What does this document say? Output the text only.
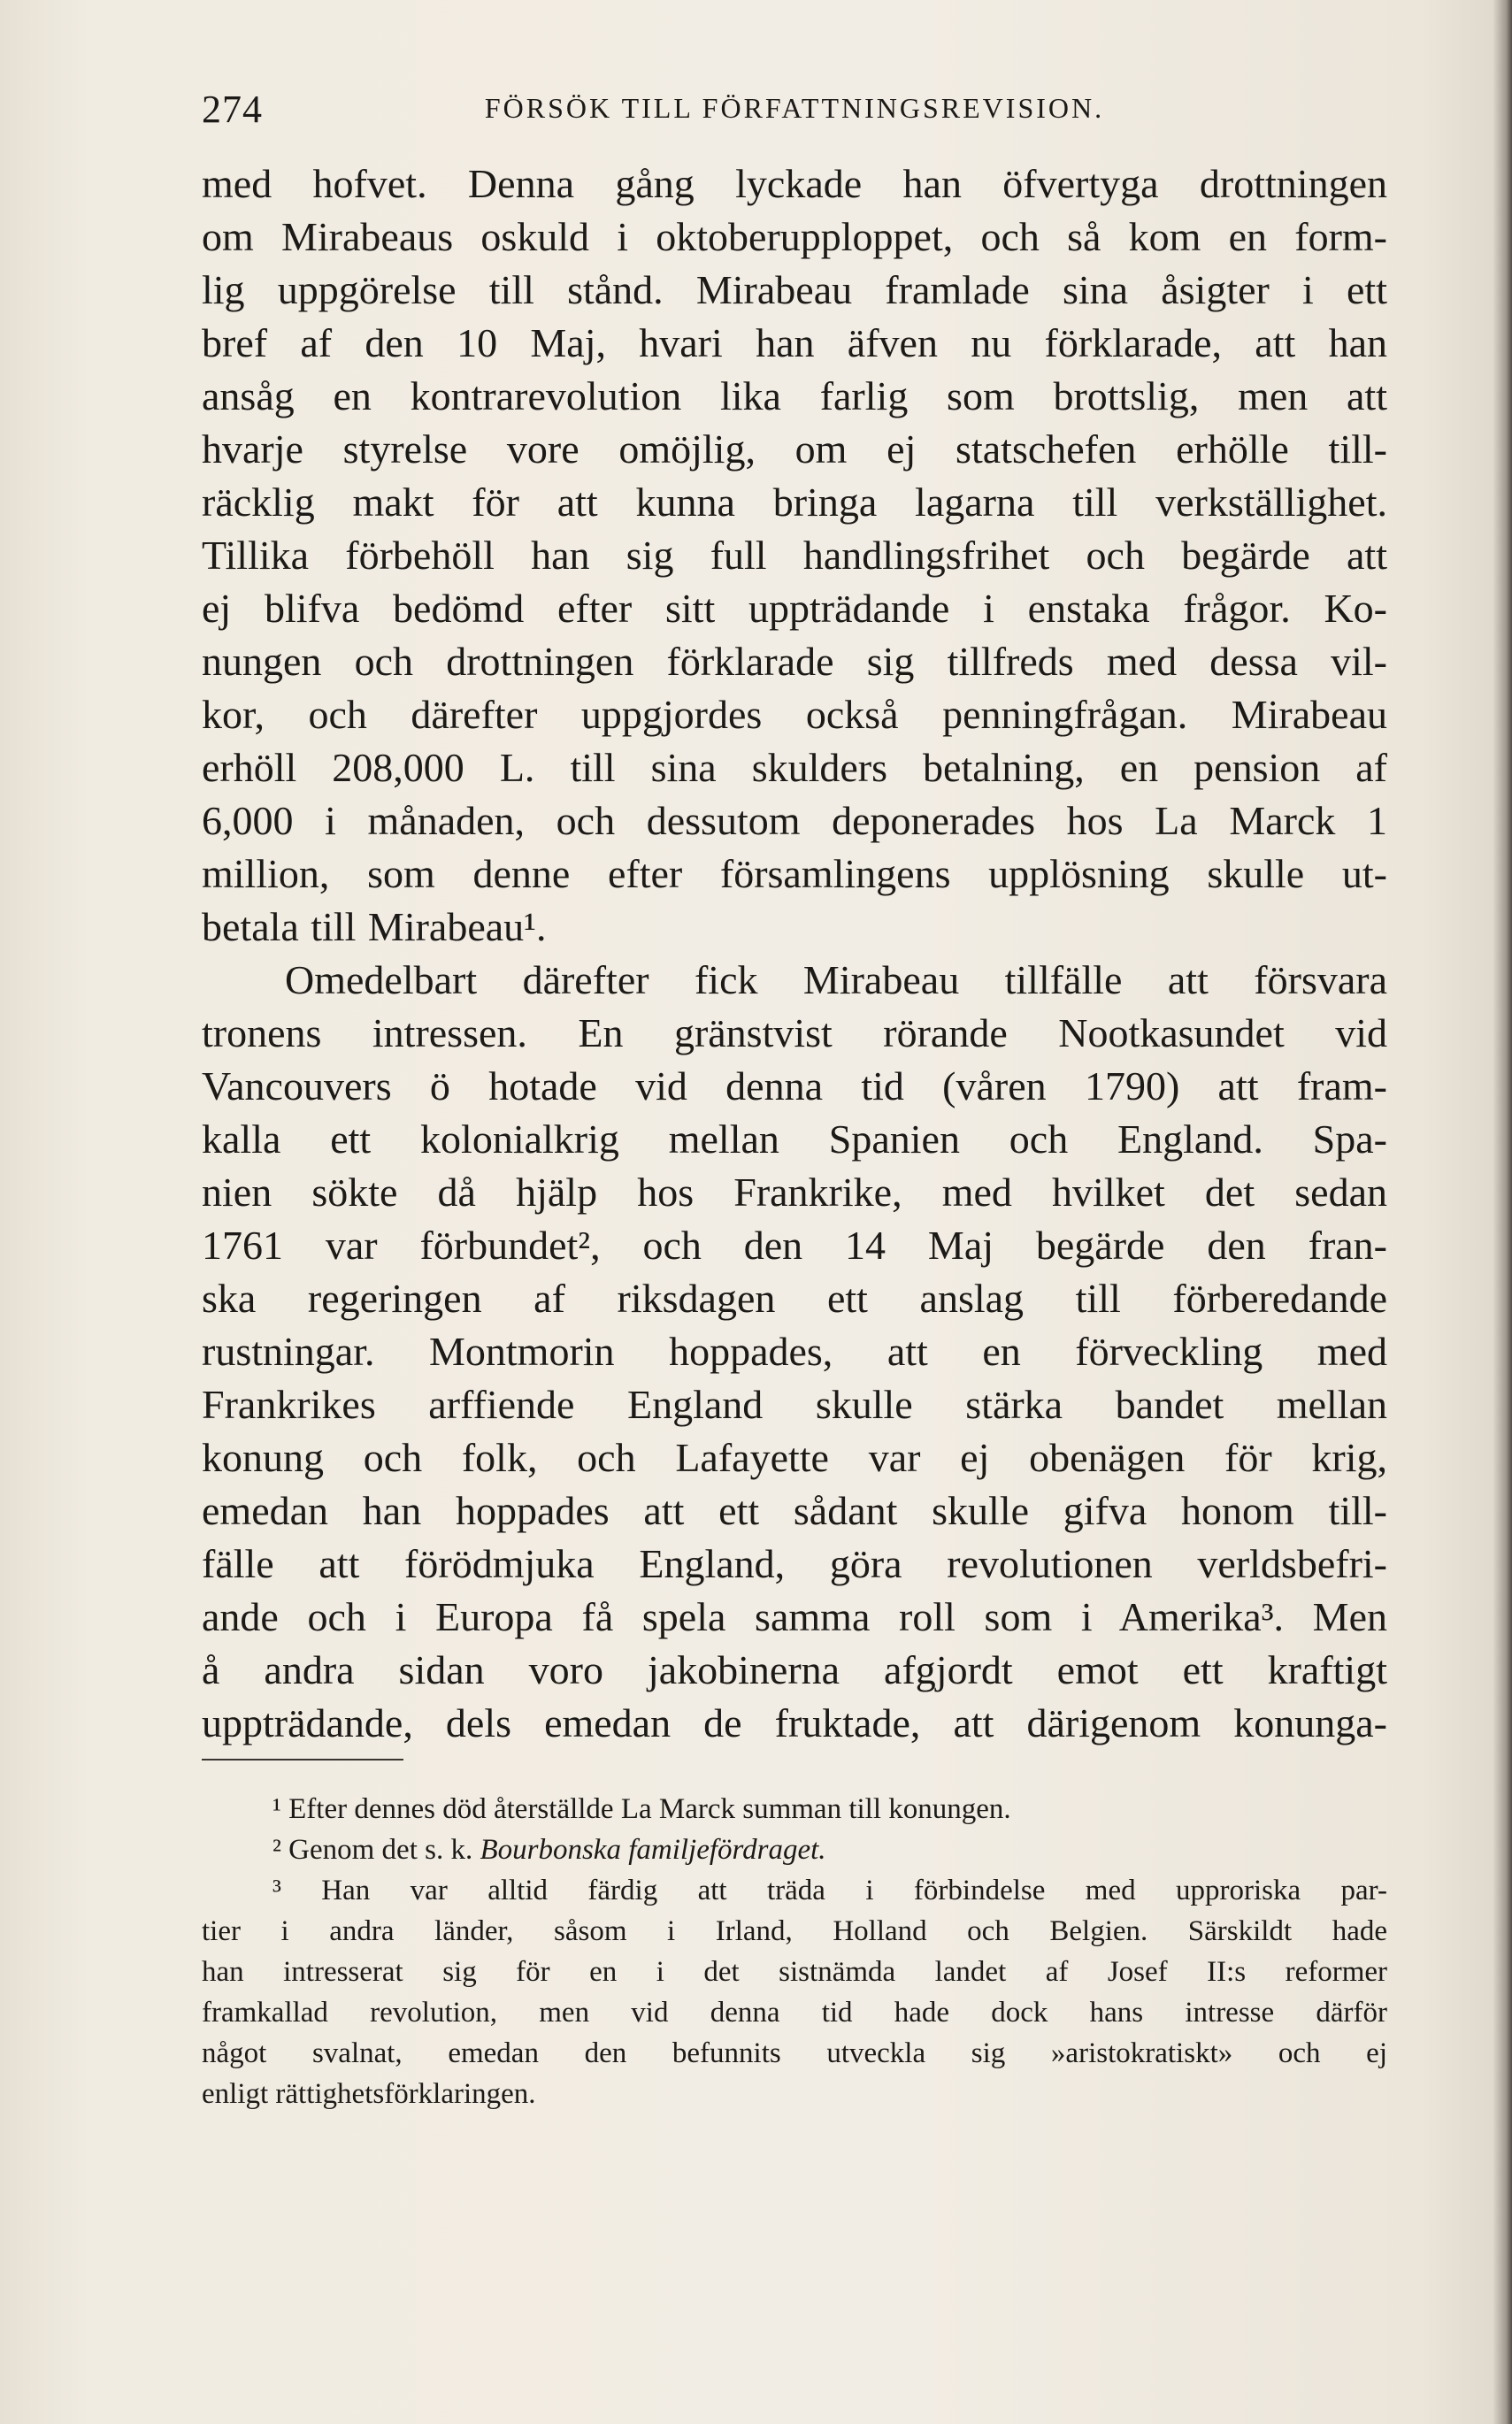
274	FÖRSÖK TILL FÖRFATTNINGSREVISION.
med hofvet. Denna gång lyckade han öfvertyga drottningen
om Mirabeaus oskuld i oktoberupploppet, och så kom en form-
lig uppgörelse till stånd. Mirabeau framlade sina åsigter i ett
bref af den 10 Maj, hvari han äfven nu förklarade, att han
ansåg en kontrarevolution lika farlig som brottslig, men att
hvarje styrelse vore omöjlig, om ej statschefen erhölle till-
räcklig makt för att kunna bringa lagarna till verkställighet.
Tillika förbehöll han sig full handlingsfrihet och begärde att
ej blifva bedömd efter sitt uppträdande i enstaka frågor. Ko-
nungen och drottningen förklarade sig tillfreds med dessa vil-
kor, och därefter uppgjordes också penningfrågan. Mirabeau
erhöll 208,000 L. till sina skulders betalning, en pension af
6,000 i månaden, och dessutom deponerades hos La Marck 1
million, som denne efter församlingens upplösning skulle ut-
betala till Mirabeau¹.
Omedelbart därefter fick Mirabeau tillfälle att försvara
tronens intressen. En gränstvist rörande Nootkasundet vid
Vancouvers ö hotade vid denna tid (våren 1790) att fram-
kalla ett kolonialkrig mellan Spanien och England. Spa-
nien sökte då hjälp hos Frankrike, med hvilket det sedan
1761 var förbundet², och den 14 Maj begärde den fran-
ska regeringen af riksdagen ett anslag till förberedande
rustningar. Montmorin hoppades, att en förveckling med
Frankrikes arffiende England skulle stärka bandet mellan
konung och folk, och Lafayette var ej obenägen för krig,
emedan han hoppades att ett sådant skulle gifva honom till-
fälle att förödmjuka England, göra revolutionen verldsbefri-
ande och i Europa få spela samma roll som i Amerika³. Men
å andra sidan voro jakobinerna afgjordt emot ett kraftigt
uppträdande, dels emedan de fruktade, att därigenom konunga-
¹ Efter dennes död återställde La Marck summan till konungen.
² Genom det s. k. Bourbonska familjefördraget.
³ Han var alltid färdig att träda i förbindelse med upproriska par-
tier i andra länder, såsom i Irland, Holland och Belgien. Särskildt hade
han intresserat sig för en i det sistnämda landet af Josef II:s reformer
framkallad revolution, men vid denna tid hade dock hans intresse därför
något svalnat, emedan den befunnits utveckla sig »aristokratiskt» och ej
enligt rättighetsförklaringen.
